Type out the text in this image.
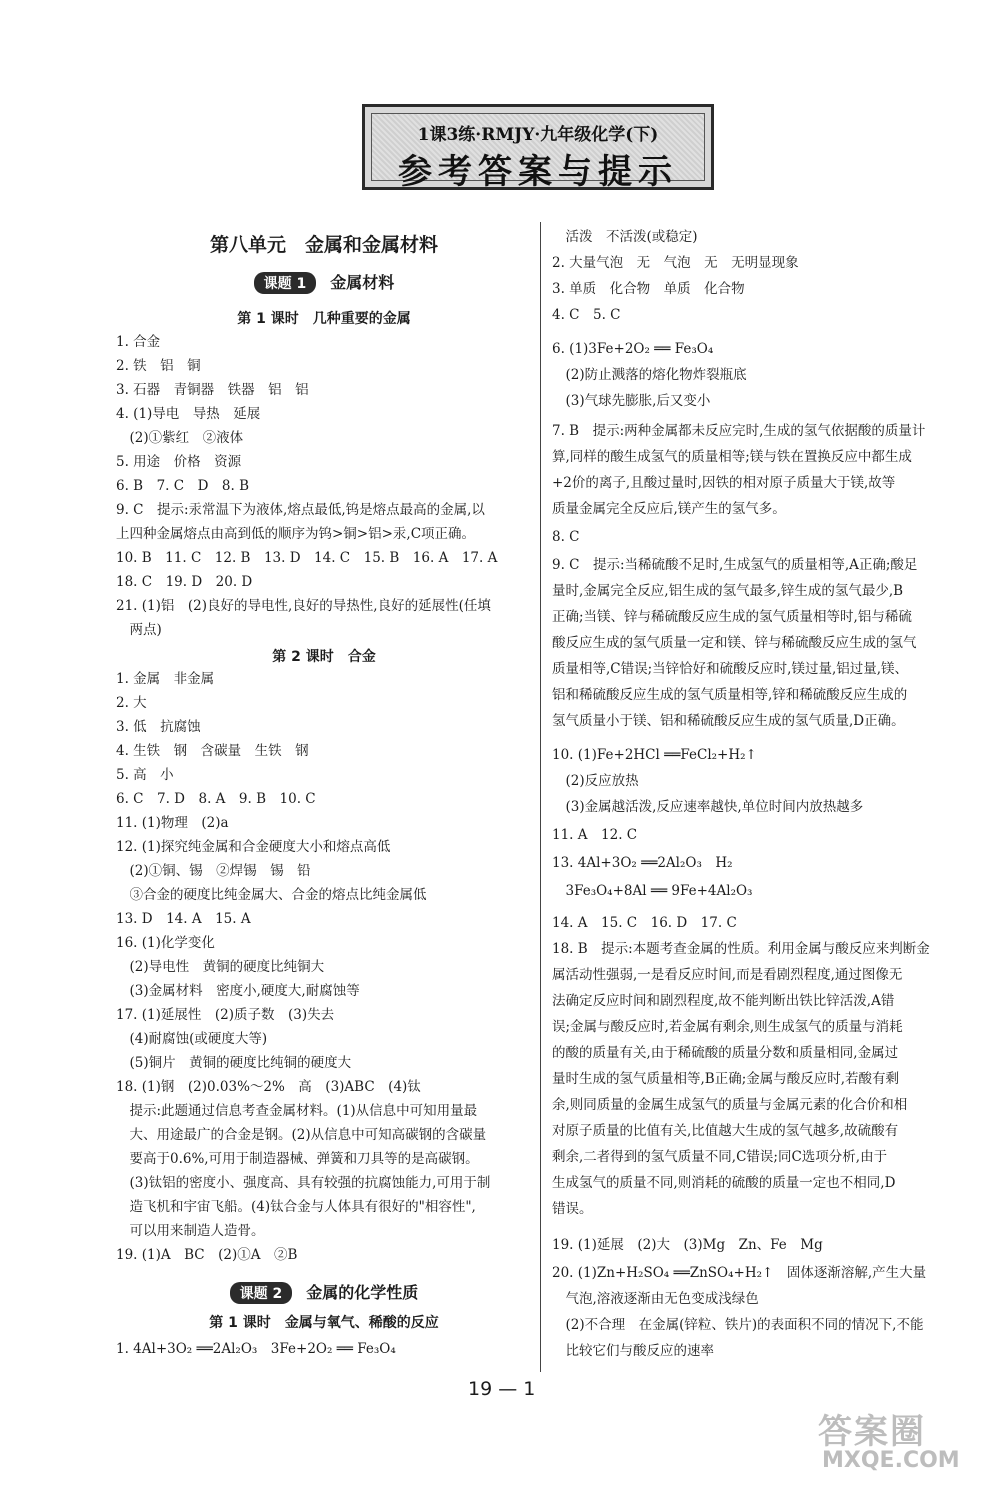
1课3练·RMJY·九年级化学(下)
参考答案与提示
第八单元　金属和金属材料
课题 1 金属材料
第 1 课时　几种重要的金属
1. 合金
2. 铁　铝　铜
3. 石器　青铜器　铁器　铝　铝
4. (1)导电　导热　延展
　(2)①紫红　②液体
5. 用途　价格　资源
6. B　7. C　D　8. B
9. C　提示:汞常温下为液体,熔点最低,钨是熔点最高的金属,以
上四种金属熔点由高到低的顺序为钨>铜>铝>汞,C项正确。
10. B　11. C　12. B　13. D　14. C　15. B　16. A　17. A
18. C　19. D　20. D
21. (1)铝　(2)良好的导电性,良好的导热性,良好的延展性(任填
　两点)
第 2 课时　合金
1. 金属　非金属
2. 大
3. 低　抗腐蚀
4. 生铁　钢　含碳量　生铁　钢
5. 高　小
6. C　7. D　8. A　9. B　10. C
11. (1)物理　(2)a
12. (1)探究纯金属和合金硬度大小和熔点高低
　(2)①铜、锡　②焊锡　锡　铅
　③合金的硬度比纯金属大、合金的熔点比纯金属低
13. D　14. A　15. A
16. (1)化学变化
　(2)导电性　黄铜的硬度比纯铜大
　(3)金属材料　密度小,硬度大,耐腐蚀等
17. (1)延展性　(2)质子数　(3)失去
　(4)耐腐蚀(或硬度大等)
　(5)铜片　黄铜的硬度比纯铜的硬度大
18. (1)钢　(2)0.03%～2%　高　(3)ABC　(4)钛
　提示:此题通过信息考查金属材料。(1)从信息中可知用量最
　大、用途最广的合金是钢。(2)从信息中可知高碳钢的含碳量
　要高于0.6%,可用于制造器械、弹簧和刀具等的是高碳钢。
　(3)钛铝的密度小、强度高、具有较强的抗腐蚀能力,可用于制
　造飞机和宇宙飞船。(4)钛合金与人体具有很好的"相容性",
　可以用来制造人造骨。
19. (1)A　BC　(2)①A　②B
课题 2 金属的化学性质
第 1 课时　金属与氧气、稀酸的反应
1. 4Al+3O₂ ══2Al₂O₃　3Fe+2O₂ ══ Fe₃O₄
　活泼　不活泼(或稳定)
2. 大量气泡　无　气泡　无　无明显现象
3. 单质　化合物　单质　化合物
4. C　5. C
6. (1)3Fe+2O₂ ══ Fe₃O₄
　(2)防止溅落的熔化物炸裂瓶底
　(3)气球先膨胀,后又变小
7. B　提示:两种金属都未反应完时,生成的氢气依据酸的质量计
算,同样的酸生成氢气的质量相等;镁与铁在置换反应中都生成
+2价的离子,且酸过量时,因铁的相对原子质量大于镁,故等
质量金属完全反应后,镁产生的氢气多。
8. C
9. C　提示:当稀硫酸不足时,生成氢气的质量相等,A正确;酸足
量时,金属完全反应,铝生成的氢气最多,锌生成的氢气最少,B
正确;当镁、锌与稀硫酸反应生成的氢气质量相等时,铝与稀硫
酸反应生成的氢气质量一定和镁、锌与稀硫酸反应生成的氢气
质量相等,C错误;当锌恰好和硫酸反应时,镁过量,铝过量,镁、
铝和稀硫酸反应生成的氢气质量相等,锌和稀硫酸反应生成的
氢气质量小于镁、铝和稀硫酸反应生成的氢气质量,D正确。
10. (1)Fe+2HCl ══FeCl₂+H₂↑
　(2)反应放热
　(3)金属越活泼,反应速率越快,单位时间内放热越多
11. A　12. C
13. 4Al+3O₂ ══2Al₂O₃　H₂
　3Fe₃O₄+8Al ══ 9Fe+4Al₂O₃
14. A　15. C　16. D　17. C
18. B　提示:本题考查金属的性质。利用金属与酸反应来判断金
属活动性强弱,一是看反应时间,而是看剧烈程度,通过图像无
法确定反应时间和剧烈程度,故不能判断出铁比锌活泼,A错
误;金属与酸反应时,若金属有剩余,则生成氢气的质量与消耗
的酸的质量有关,由于稀硫酸的质量分数和质量相同,金属过
量时生成的氢气质量相等,B正确;金属与酸反应时,若酸有剩
余,则同质量的金属生成氢气的质量与金属元素的化合价和相
对原子质量的比值有关,比值越大生成的氢气越多,故硫酸有
剩余,二者得到的氢气质量不同,C错误;同C选项分析,由于
生成氢气的质量不同,则消耗的硫酸的质量一定也不相同,D
错误。
19. (1)延展　(2)大　(3)Mg　Zn、Fe　Mg
20. (1)Zn+H₂SO₄ ══ZnSO₄+H₂↑　固体逐渐溶解,产生大量
　气泡,溶液逐渐由无色变成浅绿色
　(2)不合理　在金属(锌粒、铁片)的表面积不同的情况下,不能
　比较它们与酸反应的速率
19 — 1
答案圈
MXQE.COM
